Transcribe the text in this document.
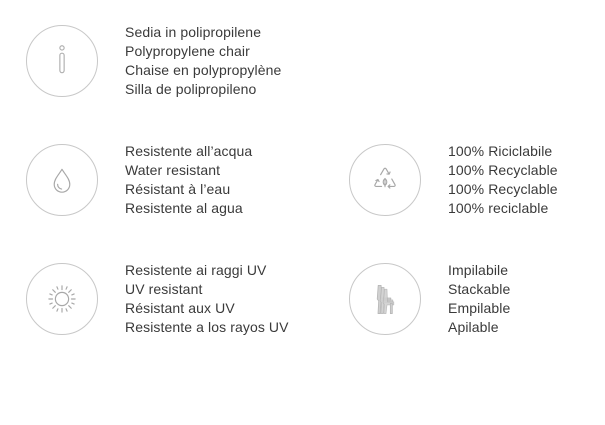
Sedia in polipropilene
Polypropylene chair
Chaise en polypropylène
Silla de polipropileno
Resistente all’acqua
Water resistant
Résistant à l’eau
Resistente al agua
100% Riciclabile
100% Recyclable
100% Recyclable
100% reciclable
Resistente ai raggi UV
UV resistant
Résistant aux UV
Resistente a los rayos UV
Impilabile
Stackable
Empilable
Apilable
